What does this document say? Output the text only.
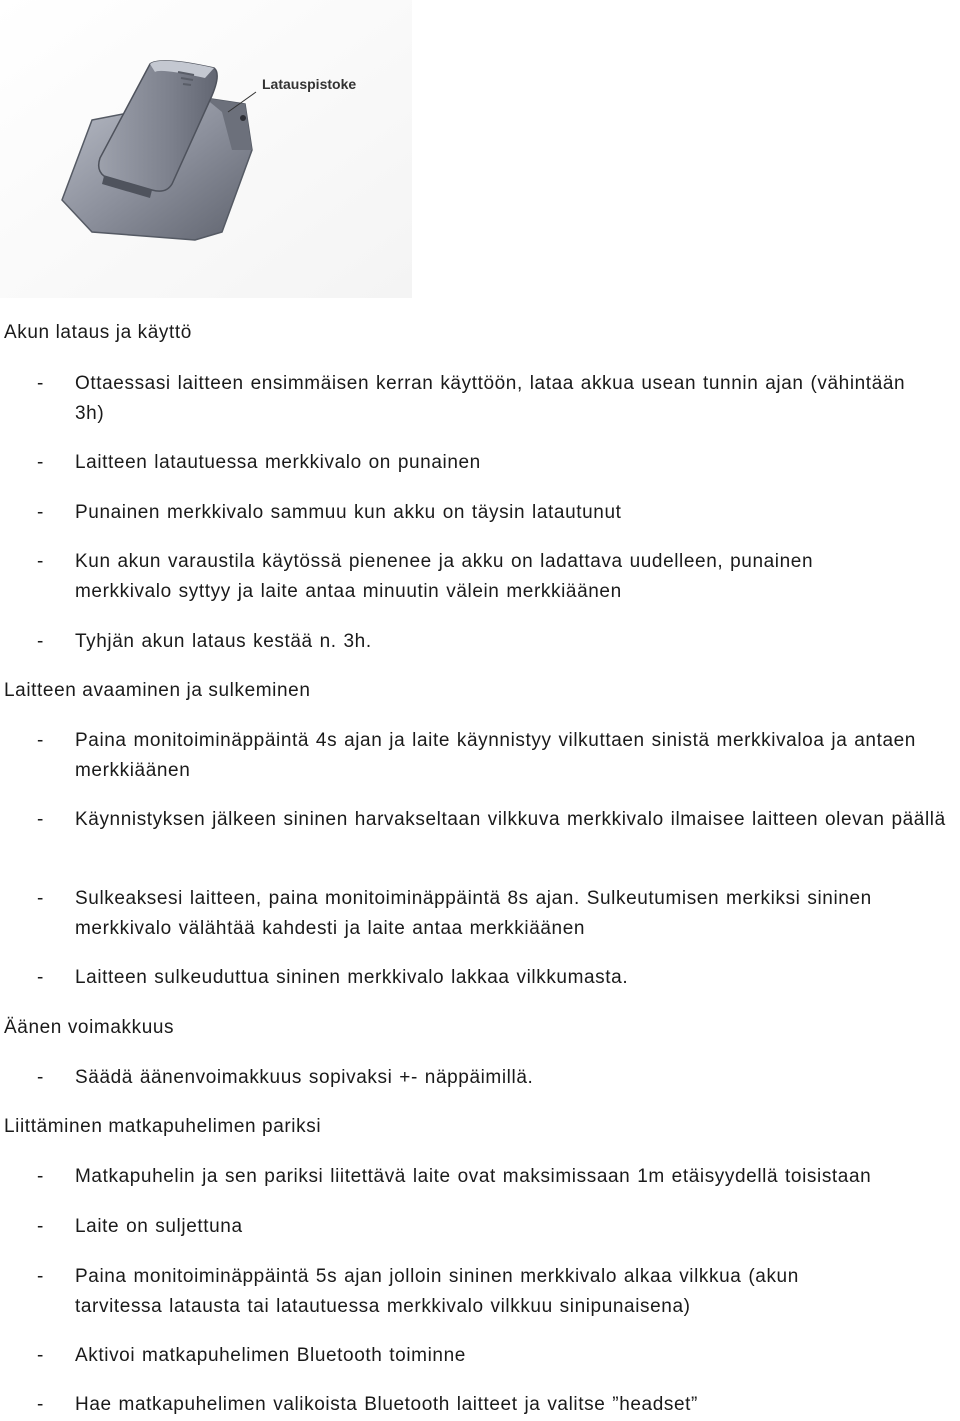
Latauspistoke
Akun lataus ja käyttö
- Ottaessasi laitteen ensimmäisen kerran käyttöön, lataa akkua usean tunnin ajan (vähintään 3h)
- Laitteen latautuessa merkkivalo on punainen
- Punainen merkkivalo sammuu kun akku on täysin latautunut
- Kun akun varaustila käytössä pienenee ja akku on ladattava uudelleen, punainen merkkivalo syttyy ja laite antaa minuutin välein merkkiäänen
- Tyhjän akun lataus kestää n. 3h.
Laitteen avaaminen ja sulkeminen
- Paina monitoiminäppäintä 4s ajan ja laite käynnistyy vilkuttaen sinistä merkkivaloa ja antaen merkkiäänen
- Käynnistyksen jälkeen sininen harvakseltaan vilkkuva merkkivalo ilmaisee laitteen olevan päällä
- Sulkeaksesi laitteen, paina monitoiminäppäintä 8s ajan. Sulkeutumisen merkiksi sininen merkkivalo välähtää kahdesti ja laite antaa merkkiäänen
- Laitteen sulkeuduttua sininen merkkivalo lakkaa vilkkumasta.
Äänen voimakkuus
- Säädä äänenvoimakkuus sopivaksi +- näppäimillä.
Liittäminen matkapuhelimen pariksi
- Matkapuhelin ja sen pariksi liitettävä laite ovat maksimissaan 1m etäisyydellä toisistaan
- Laite on suljettuna
- Paina monitoiminäppäintä 5s ajan jolloin sininen merkkivalo alkaa vilkkua (akun tarvitessa latausta tai latautuessa merkkivalo vilkkuu sinipunaisena)
- Aktivoi matkapuhelimen Bluetooth toiminne
- Hae matkapuhelimen valikoista Bluetooth laitteet ja valitse ”headset”
